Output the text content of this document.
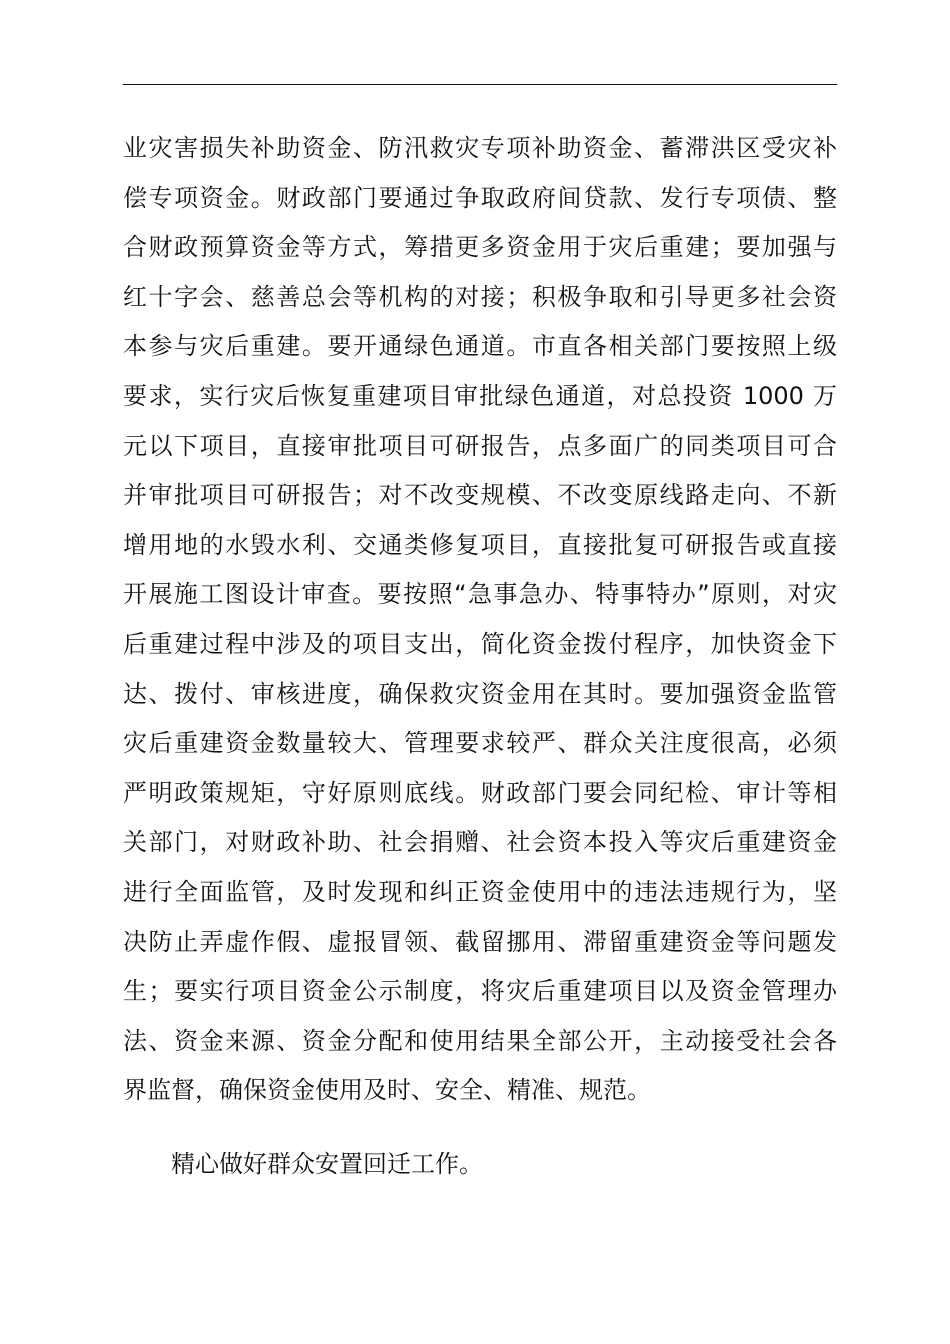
业灾害损失补助资金、防汛救灾专项补助资金、蓄滞洪区受灾补
偿专项资金。财政部门要通过争取政府间贷款、发行专项债、整
合财政预算资金等方式，筹措更多资金用于灾后重建；要加强与
红十字会、慈善总会等机构的对接；积极争取和引导更多社会资
本参与灾后重建。要开通绿色通道。市直各相关部门要按照上级
要求，实行灾后恢复重建项目审批绿色通道，对总投资 1000 万
元以下项目，直接审批项目可研报告，点多面广的同类项目可合
并审批项目可研报告；对不改变规模、不改变原线路走向、不新
增用地的水毁水利、交通类修复项目，直接批复可研报告或直接
开展施工图设计审查。要按照“急事急办、特事特办”原则，对灾
后重建过程中涉及的项目支出，简化资金拨付程序，加快资金下
达、拨付、审核进度，确保救灾资金用在其时。要加强资金监管
灾后重建资金数量较大、管理要求较严、群众关注度很高，必须
严明政策规矩，守好原则底线。财政部门要会同纪检、审计等相
关部门，对财政补助、社会捐赠、社会资本投入等灾后重建资金
进行全面监管，及时发现和纠正资金使用中的违法违规行为，坚
决防止弄虚作假、虚报冒领、截留挪用、滞留重建资金等问题发
生；要实行项目资金公示制度，将灾后重建项目以及资金管理办
法、资金来源、资金分配和使用结果全部公开，主动接受社会各
界监督，确保资金使用及时、安全、精准、规范。

精心做好群众安置回迁工作。
